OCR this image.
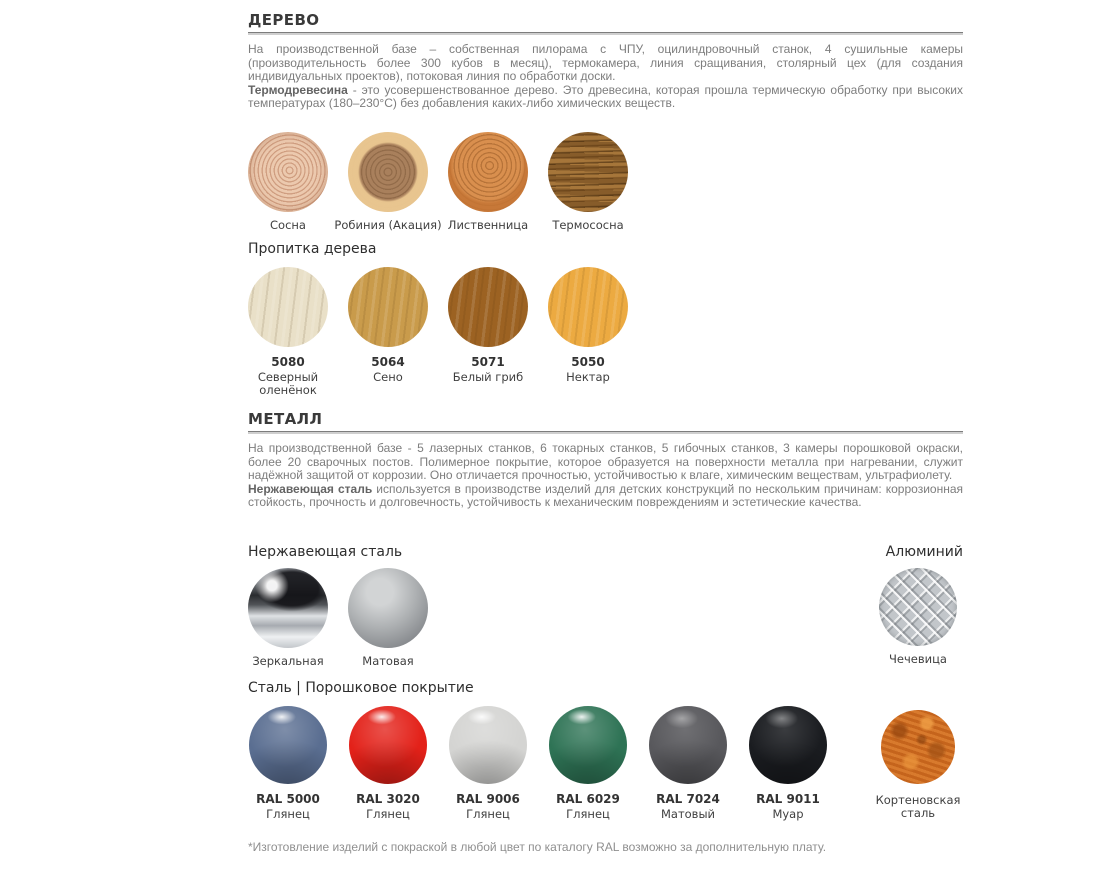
ДЕРЕВО

На производственной базе – собственная пилорама с ЧПУ, оцилиндровочный станок, 4 сушильные камеры (производительность более 300 кубов в месяц), термокамера, линия сращивания, столярный цех (для создания индивидуальных проектов), потоковая линия по обработки доски.

Термодревесина - это усовершенствованное дерево. Это древесина, которая прошла термическую обработку при высоких температурах (180–230°С) без добавления каких-либо химических веществ.

Сосна Робиния (Акация) Лиственница Термососна
Пропитка дерева
5080
Северный оленёнок
5064
Сено
5071
Белый гриб
5050
Нектар
МЕТАЛЛ

На производственной базе - 5 лазерных станков, 6 токарных станков, 5 гибочных станков, 3 камеры порошковой окраски, более 20 сварочных постов. Полимерное покрытие, которое образуется на поверхности металла при нагревании, служит надёжной защитой от коррозии. Оно отличается прочностью, устойчивостью к влаге, химическим веществам, ультрафиолету.

Нержавеющая сталь используется в производстве изделий для детских конструкций по нескольким причинам: коррозионная стойкость, прочность и долговечность, устойчивость к механическим повреждениям и эстетические качества.

Нержавеющая сталь
Зеркальная	Матовая
Алюминий
Чечевица
Сталь | Порошковое покрытие
RAL 5000
Глянец
RAL 3020
Глянец
RAL 9006
Глянец
RAL 6029
Глянец
RAL 7024
Матовый
RAL 9011
Муар
Кортеновская сталь
*Изготовление изделий с покраской в любой цвет по каталогу RAL возможно за дополнительную плату.
